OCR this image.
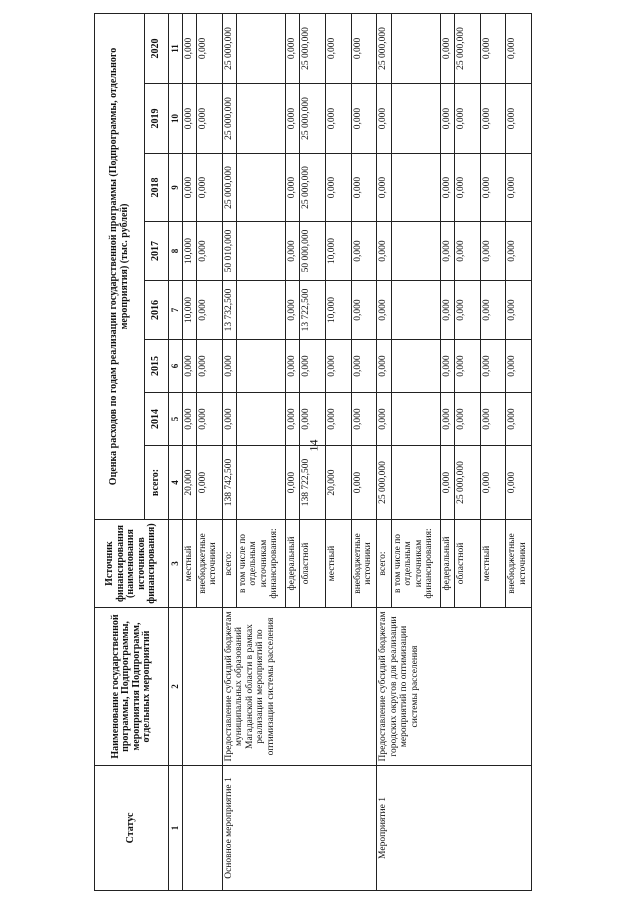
14
Статус	Наименование государственной программы, Подпрограммы, мероприятия Подпрограмм, отдельных мероприятий	Источник финансирования (наименования источников финансирования)	Оценка расходов по годам реализации государственной программы (Подпрограммы, отдельного мероприятия) (тыс. рублей)							
			всего:	2014	2015	2016	2017	2018	2019	2020
1	2	3	4	5	6	7	8	9	10	11
		местный	20,000	0,000	0,000	10,000	10,000	0,000	0,000	0,000
		внебюджетные источники	0,000	0,000	0,000	0,000	0,000	0,000	0,000	0,000
Основное мероприятие 1	Предоставление субсидий бюджетам муниципальных образований Магаданской области в рамках реализации мероприятий по оптимизации системы расселения	всего:	138 742,500	0,000	0,000	13 732,500	50 010,000	25 000,000	25 000,000	25 000,000
		в том числе по отдельным источникам финансирования:								
		федеральный	0,000	0,000	0,000	0,000	0,000	0,000	0,000	0,000
		областной	138 722,500	0,000	0,000	13 722,500	50 000,000	25 000,000	25 000,000	25 000,000
		местный	20,000	0,000	0,000	10,000	10,000	0,000	0,000	0,000
		внебюджетные источники	0,000	0,000	0,000	0,000	0,000	0,000	0,000	0,000
Мероприятие 1	Предоставление субсидий бюджетам городских округов для реализации мероприятий по оптимизации системы расселения	всего:	25 000,000	0,000	0,000	0,000	0,000	0,000	0,000	25 000,000
		в том числе по отдельным источникам финансирования:								
		федеральный	0,000	0,000	0,000	0,000	0,000	0,000	0,000	0,000
		областной	25 000,000	0,000	0,000	0,000	0,000	0,000	0,000	25 000,000
		местный	0,000	0,000	0,000	0,000	0,000	0,000	0,000	0,000
		внебюджетные источники	0,000	0,000	0,000	0,000	0,000	0,000	0,000	0,000
